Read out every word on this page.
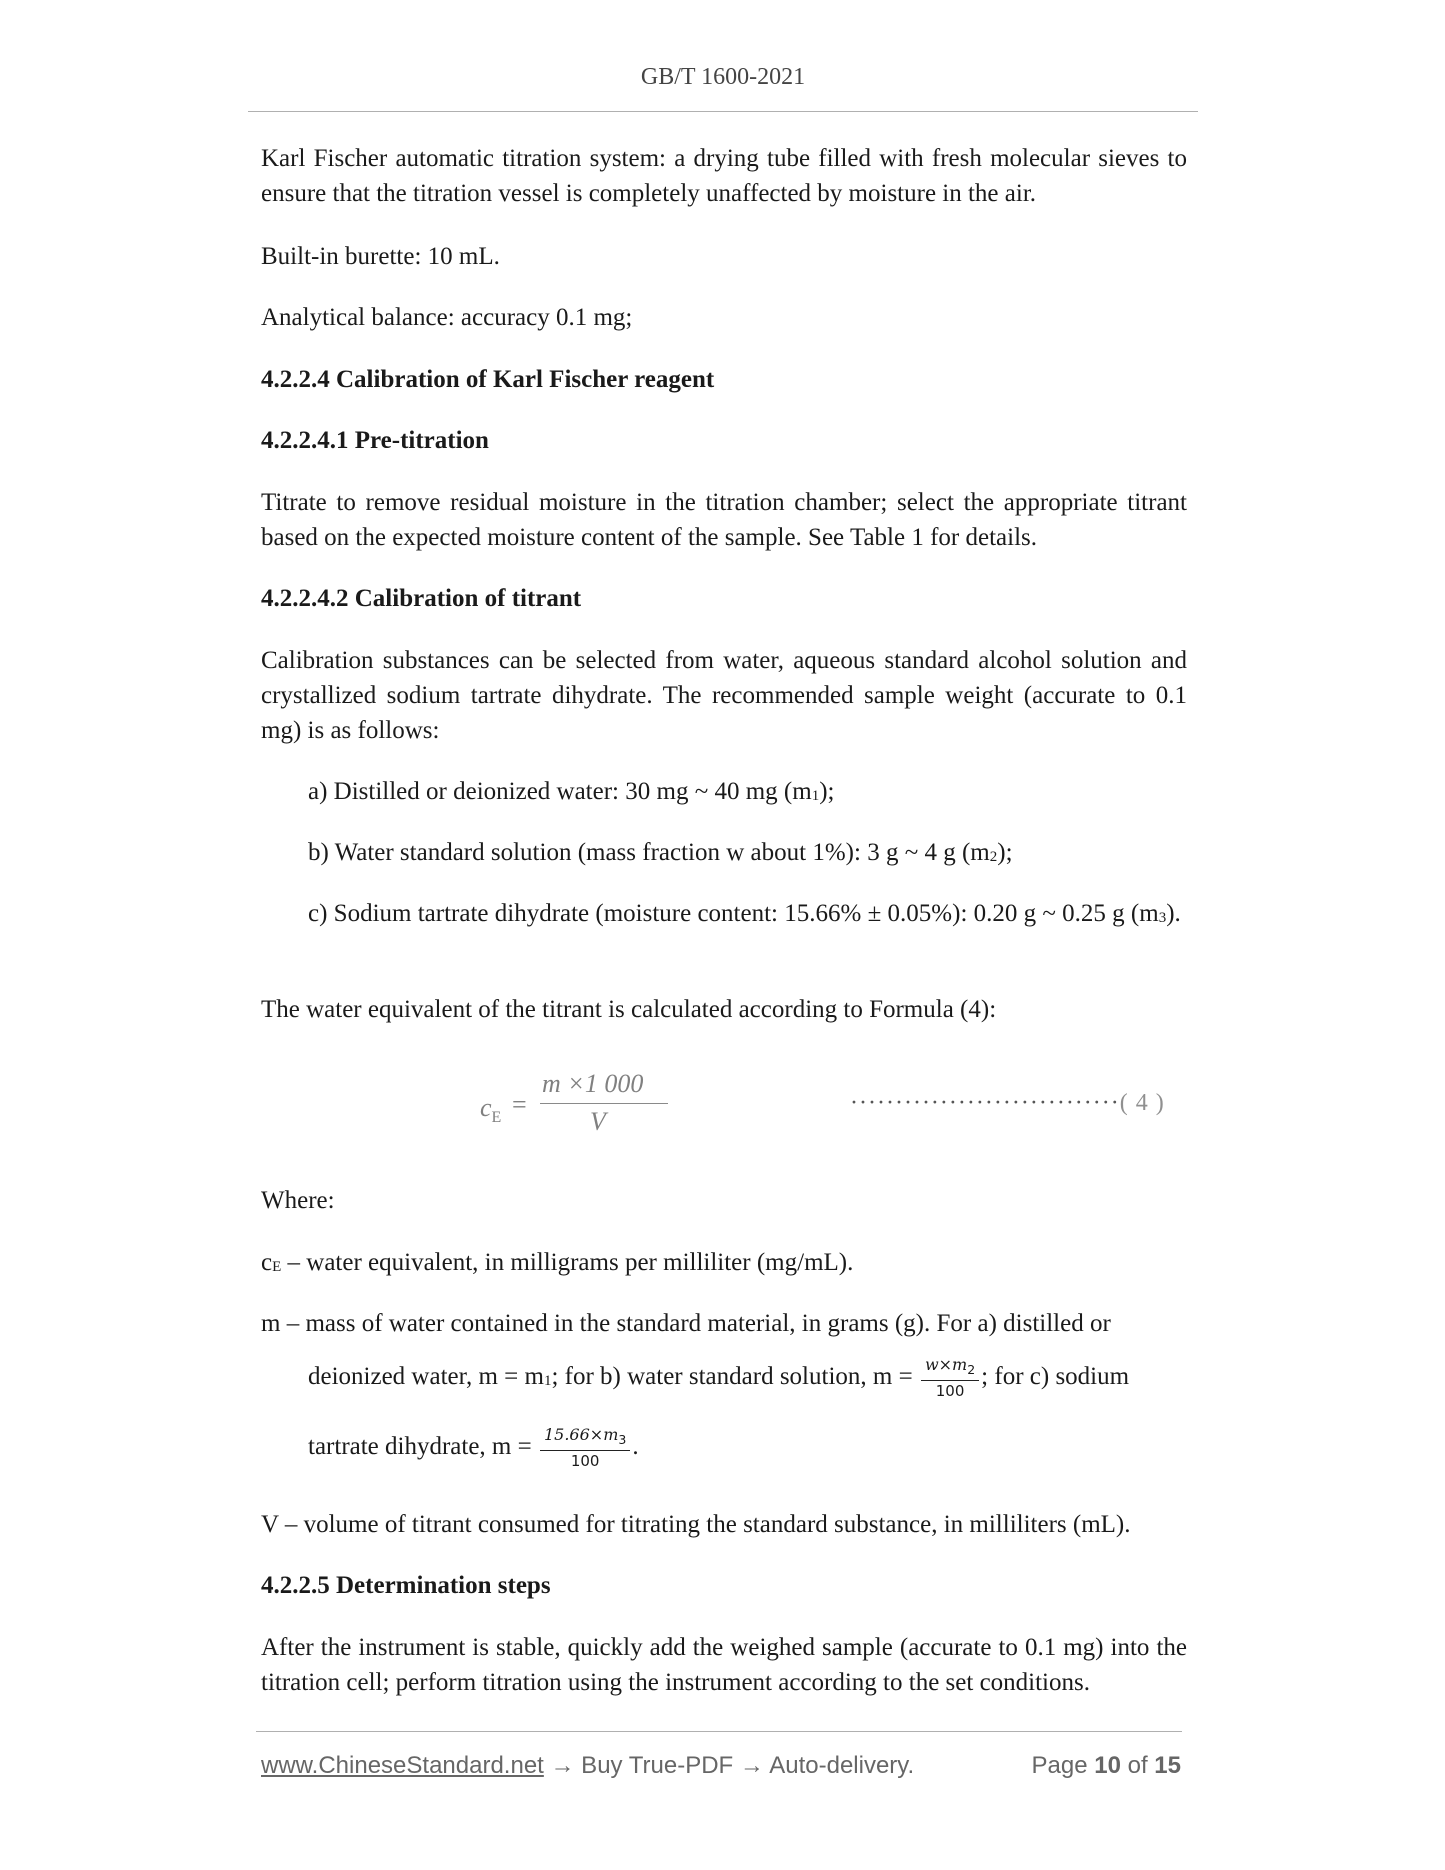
GB/T 1600-2021
Karl Fischer automatic titration system: a drying tube filled with fresh molecular sieves to ensure that the titration vessel is completely unaffected by moisture in the air.
Built-in burette: 10 mL.
Analytical balance: accuracy 0.1 mg;
4.2.2.4 Calibration of Karl Fischer reagent
4.2.2.4.1 Pre-titration
Titrate to remove residual moisture in the titration chamber; select the appropriate titrant based on the expected moisture content of the sample. See Table 1 for details.
4.2.2.4.2 Calibration of titrant
Calibration substances can be selected from water, aqueous standard alcohol solution and crystallized sodium tartrate dihydrate. The recommended sample weight (accurate to 0.1 mg) is as follows:
a) Distilled or deionized water: 30 mg ~ 40 mg $(m_1)$;
b) Water standard solution (mass fraction w about 1%): 3 g ~ 4 g $(m_2)$;
c) Sodium tartrate dihydrate (moisture content: 15.66% ± 0.05%): 0.20 g ~ 0.25 g $(m_3)$.
The water equivalent of the titrant is calculated according to Formula (4):
$c_E$ =
m ×1 000
V
······························( 4 )
Where:
$c_E$ – water equivalent, in milligrams per milliliter (mg/mL).
m – mass of water contained in the standard material, in grams (g). For a) distilled or
deionized water, $m = m_1$; for b) water standard solution, $m = \frac{w\times m_2}{100}$ ; for c) sodium
tartrate dihydrate, $m = \frac{15.66\times m_3}{100}$ .
V – volume of titrant consumed for titrating the standard substance, in milliliters (mL).
4.2.2.5 Determination steps
After the instrument is stable, quickly add the weighed sample (accurate to 0.1 mg) into the titration cell; perform titration using the instrument according to the set conditions.
www.ChineseStandard.net → Buy True-PDF → Auto-delivery.	Page 10 of 15
